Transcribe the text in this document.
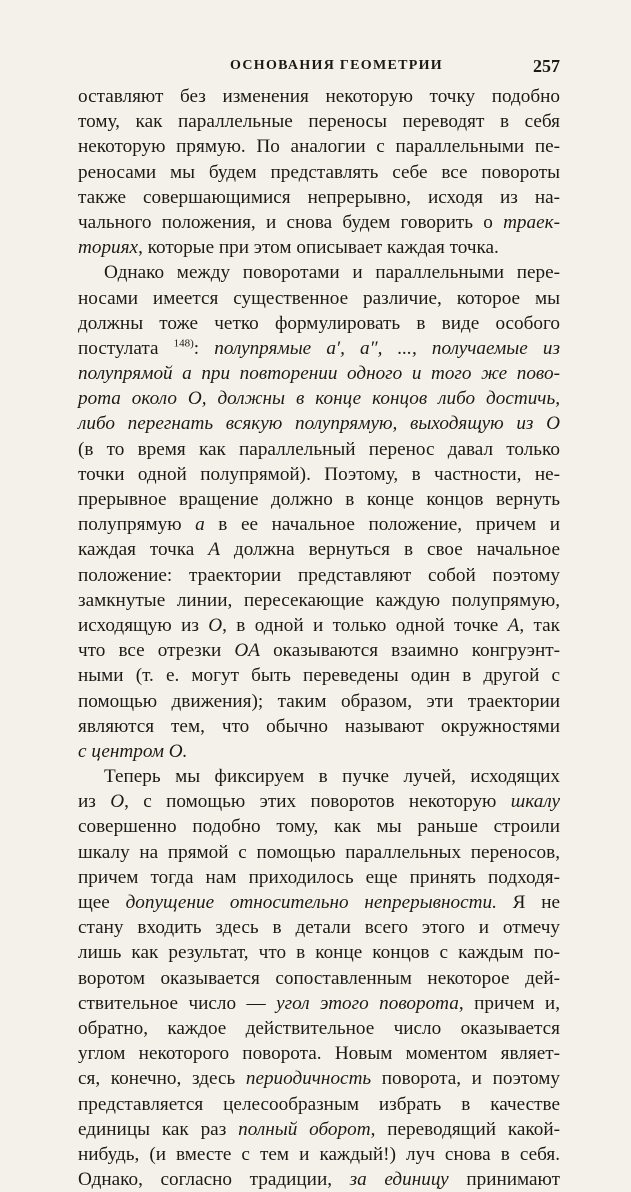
ОСНОВАНИЯ ГЕОМЕТРИИ	257
оставляют без изменения некоторую точку подобно
тому, как параллельные переносы переводят в себя
некоторую прямую. По аналогии с параллельными пе-
реносами мы будем представлять себе все повороты
также совершающимися непрерывно, исходя из на-
чального положения, и снова будем говорить о траек-
ториях, которые при этом описывает каждая точка.
Однако между поворотами и параллельными пере-
носами имеется существенное различие, которое мы
должны тоже четко формулировать в виде особого
постулата $^{148)}$: полупрямые a′, a″, ..., получаемые из
полупрямой a при повторении одного и того же пово-
рота около O, должны в конце концов либо достичь,
либо перегнать всякую полупрямую, выходящую из O
(в то время как параллельный перенос давал только
точки одной полупрямой). Поэтому, в частности, не-
прерывное вращение должно в конце концов вернуть
полупрямую a в ее начальное положение, причем и
каждая точка A должна вернуться в свое начальное
положение: траектории представляют собой поэтому
замкнутые линии, пересекающие каждую полупрямую,
исходящую из O, в одной и только одной точке A, так
что все отрезки OA оказываются взаимно конгруэнт-
ными (т. е. могут быть переведены один в другой с
помощью движения); таким образом, эти траектории
являются тем, что обычно называют окружностями
с центром O.
Теперь мы фиксируем в пучке лучей, исходящих
из O, с помощью этих поворотов некоторую шкалу
совершенно подобно тому, как мы раньше строили
шкалу на прямой с помощью параллельных переносов,
причем тогда нам приходилось еще принять подходя-
щее допущение относительно непрерывности. Я не
стану входить здесь в детали всего этого и отмечу
лишь как результат, что в конце концов с каждым по-
воротом оказывается сопоставленным некоторое дей-
ствительное число — угол этого поворота, причем и,
обратно, каждое действительное число оказывается
углом некоторого поворота. Новым моментом являет-
ся, конечно, здесь периодичность поворота, и поэтому
представляется целесообразным избрать в качестве
единицы как раз полный оборот, переводящий какой-
нибудь, (и вместе с тем и каждый!) луч снова в себя.
Однако, согласно традиции, за единицу принимают
